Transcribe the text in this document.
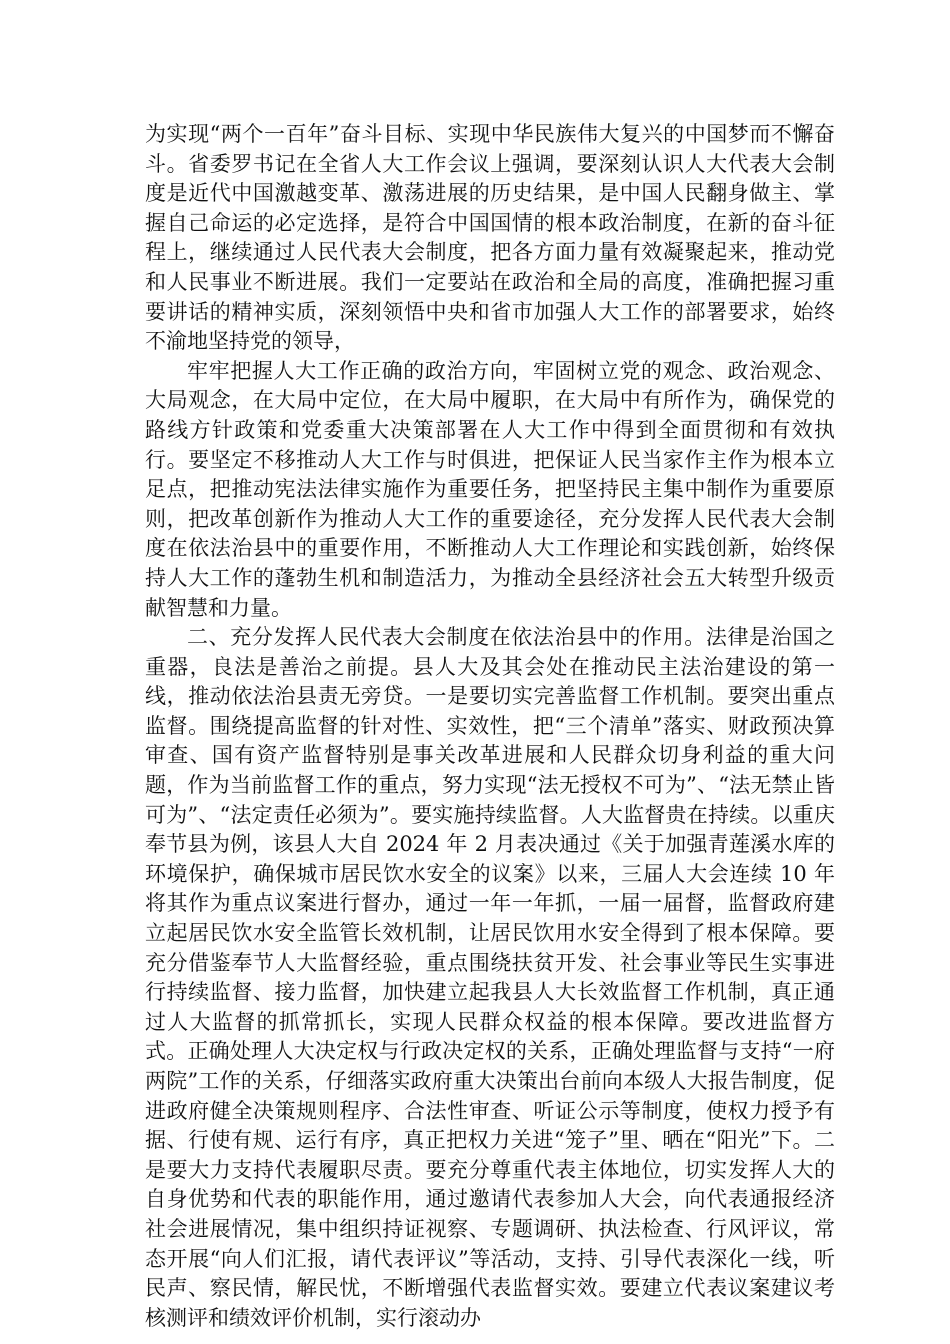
为实现“两个一百年”奋斗目标、实现中华民族伟大复兴的中国梦而不懈奋斗。省委罗书记在全省人大工作会议上强调，要深刻认识人大代表大会制度是近代中国激越变革、激荡进展的历史结果，是中国人民翻身做主、掌握自己命运的必定选择，是符合中国国情的根本政治制度，在新的奋斗征程上，继续通过人民代表大会制度，把各方面力量有效凝聚起来，推动党和人民事业不断进展。我们一定要站在政治和全局的高度，准确把握习重要讲话的精神实质，深刻领悟中央和省市加强人大工作的部署要求，始终不渝地坚持党的领导，

牢牢把握人大工作正确的政治方向，牢固树立党的观念、政治观念、大局观念，在大局中定位，在大局中履职，在大局中有所作为，确保党的路线方针政策和党委重大决策部署在人大工作中得到全面贯彻和有效执行。要坚定不移推动人大工作与时俱进，把保证人民当家作主作为根本立足点，把推动宪法法律实施作为重要任务，把坚持民主集中制作为重要原则，把改革创新作为推动人大工作的重要途径，充分发挥人民代表大会制度在依法治县中的重要作用，不断推动人大工作理论和实践创新，始终保持人大工作的蓬勃生机和制造活力，为推动全县经济社会五大转型升级贡献智慧和力量。

二、充分发挥人民代表大会制度在依法治县中的作用。法律是治国之重器，良法是善治之前提。县人大及其会处在推动民主法治建设的第一线，推动依法治县责无旁贷。一是要切实完善监督工作机制。要突出重点监督。围绕提高监督的针对性、实效性，把“三个清单”落实、财政预决算审查、国有资产监督特别是事关改革进展和人民群众切身利益的重大问题，作为当前监督工作的重点，努力实现“法无授权不可为”、“法无禁止皆可为”、“法定责任必须为”。要实施持续监督。人大监督贵在持续。以重庆奉节县为例，该县人大自 2024 年 2 月表决通过《关于加强青莲溪水库的环境保护，确保城市居民饮水安全的议案》以来，三届人大会连续 10 年将其作为重点议案进行督办，通过一年一年抓，一届一届督，监督政府建立起居民饮水安全监管长效机制，让居民饮用水安全得到了根本保障。要充分借鉴奉节人大监督经验，重点围绕扶贫开发、社会事业等民生实事进行持续监督、接力监督，加快建立起我县人大长效监督工作机制，真正通过人大监督的抓常抓长，实现人民群众权益的根本保障。要改进监督方式。正确处理人大决定权与行政决定权的关系，正确处理监督与支持“一府两院”工作的关系，仔细落实政府重大决策出台前向本级人大报告制度，促进政府健全决策规则程序、合法性审查、听证公示等制度，使权力授予有据、行使有规、运行有序，真正把权力关进“笼子”里、晒在“阳光”下。二是要大力支持代表履职尽责。要充分尊重代表主体地位，切实发挥人大的自身优势和代表的职能作用，通过邀请代表参加人大会，向代表通报经济社会进展情况，集中组织持证视察、专题调研、执法检查、行风评议，常态开展“向人们汇报，请代表评议”等活动，支持、引导代表深化一线，听民声、察民情，解民忧，不断增强代表监督实效。要建立代表议案建议考核测评和绩效评价机制，实行滚动办
